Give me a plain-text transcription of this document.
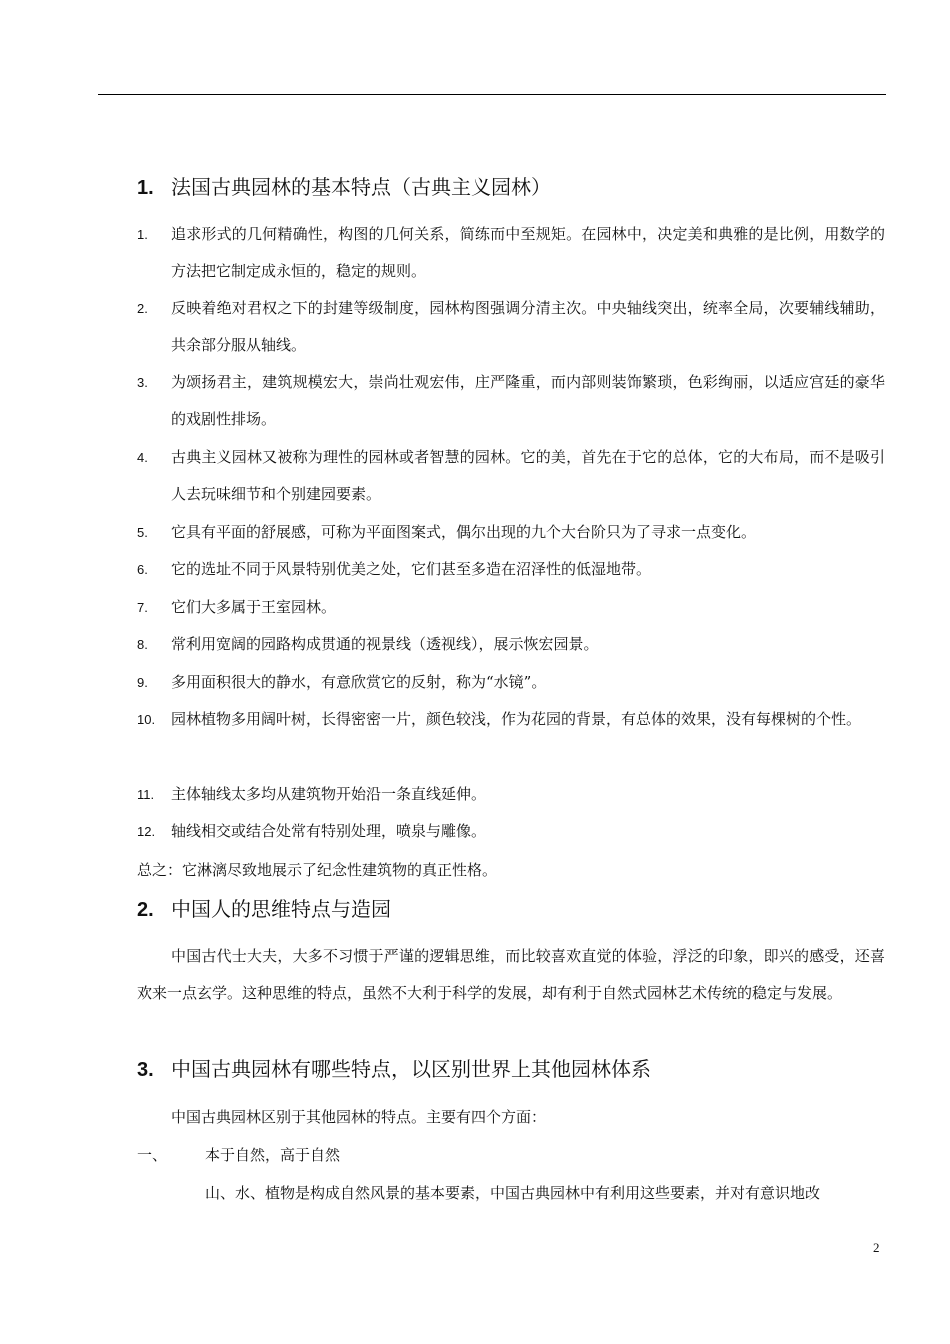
1. 法国古典园林的基本特点（古典主义园林）
1.	追求形式的几何精确性，构图的几何关系，简练而中至规矩。在园林中，决定美和典雅的是比例，用数学的方法把它制定成永恒的，稳定的规则。
2.	反映着绝对君权之下的封建等级制度，园林构图强调分清主次。中央轴线突出，统率全局，次要辅线辅助，共余部分服从轴线。
3.	为颂扬君主，建筑规模宏大，崇尚壮观宏伟，庄严隆重，而内部则装饰繁琐，色彩绚丽，以适应宫廷的豪华的戏剧性排场。
4.	古典主义园林又被称为理性的园林或者智慧的园林。它的美，首先在于它的总体，它的大布局，而不是吸引人去玩味细节和个别建园要素。
5.	它具有平面的舒展感，可称为平面图案式，偶尔出现的九个大台阶只为了寻求一点变化。
6.	它的选址不同于风景特别优美之处，它们甚至多造在沼泽性的低湿地带。
7.	它们大多属于王室园林。
8.	常利用宽阔的园路构成贯通的视景线（透视线），展示恢宏园景。
9.	多用面积很大的静水，有意欣赏它的反射，称为“水镜”。
10.	园林植物多用阔叶树，长得密密一片，颜色较浅，作为花园的背景，有总体的效果，没有每棵树的个性。
11.	主体轴线太多均从建筑物开始沿一条直线延伸。
12.	轴线相交或结合处常有特别处理，喷泉与雕像。
总之：它淋漓尽致地展示了纪念性建筑物的真正性格。
2. 中国人的思维特点与造园
中国古代士大夫，大多不习惯于严谨的逻辑思维，而比较喜欢直觉的体验，浮泛的印象，即兴的感受，还喜欢来一点玄学。这种思维的特点，虽然不大利于科学的发展，却有利于自然式园林艺术传统的稳定与发展。
3. 中国古典园林有哪些特点，以区别世界上其他园林体系
中国古典园林区别于其他园林的特点。主要有四个方面：
一、	本于自然，高于自然
山、水、植物是构成自然风景的基本要素，中国古典园林中有利用这些要素，并对有意识地改
2
